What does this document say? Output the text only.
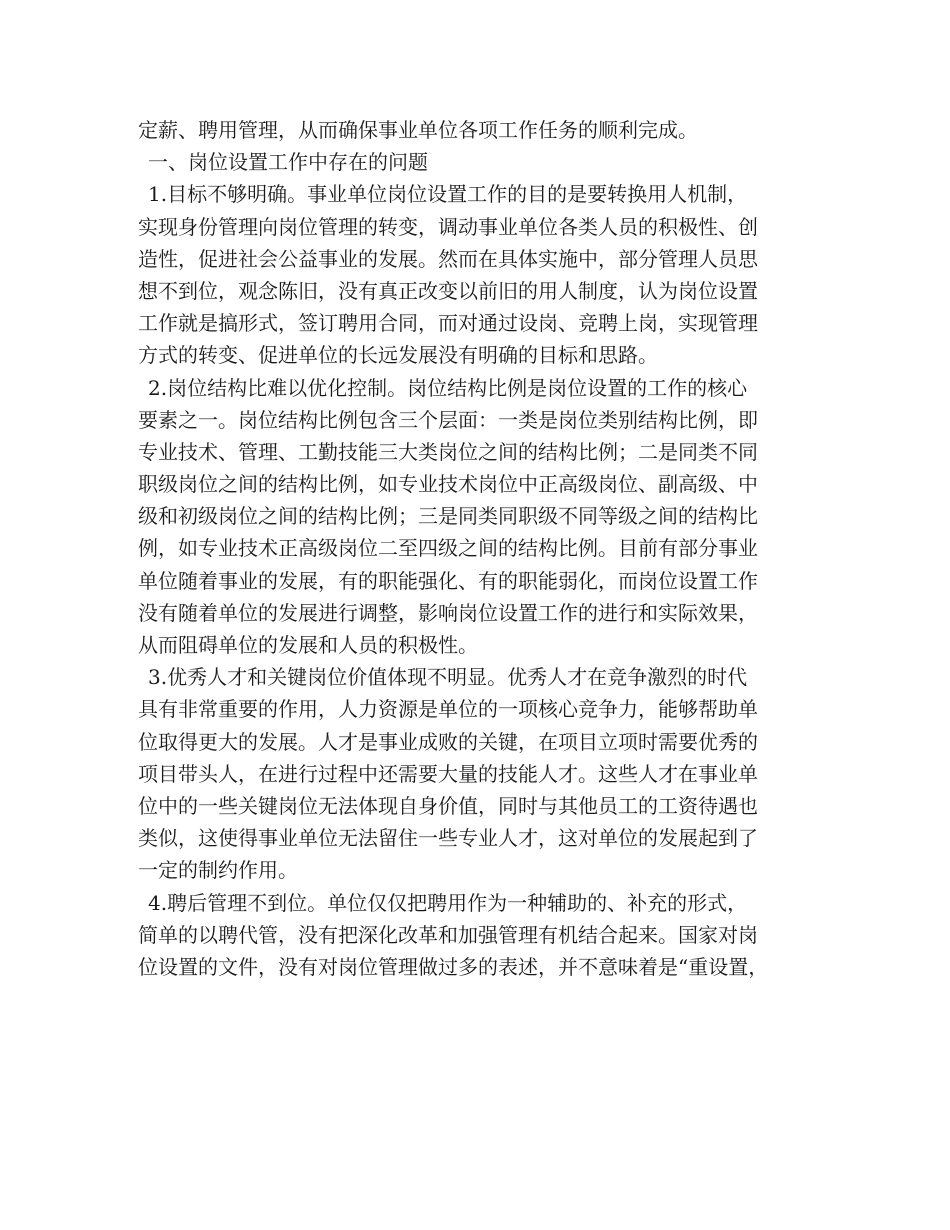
定薪、聘用管理，从而确保事业单位各项工作任务的顺利完成。
一、岗位设置工作中存在的问题
1.目标不够明确。事业单位岗位设置工作的目的是要转换用人机制，
实现身份管理向岗位管理的转变，调动事业单位各类人员的积极性、创
造性，促进社会公益事业的发展。然而在具体实施中，部分管理人员思
想不到位，观念陈旧，没有真正改变以前旧的用人制度，认为岗位设置
工作就是搞形式，签订聘用合同，而对通过设岗、竞聘上岗，实现管理
方式的转变、促进单位的长远发展没有明确的目标和思路。
2.岗位结构比难以优化控制。岗位结构比例是岗位设置的工作的核心
要素之一。岗位结构比例包含三个层面：一类是岗位类别结构比例，即
专业技术、管理、工勤技能三大类岗位之间的结构比例；二是同类不同
职级岗位之间的结构比例，如专业技术岗位中正高级岗位、副高级、中
级和初级岗位之间的结构比例；三是同类同职级不同等级之间的结构比
例，如专业技术正高级岗位二至四级之间的结构比例。目前有部分事业
单位随着事业的发展，有的职能强化、有的职能弱化，而岗位设置工作
没有随着单位的发展进行调整，影响岗位设置工作的进行和实际效果，
从而阻碍单位的发展和人员的积极性。
3.优秀人才和关键岗位价值体现不明显。优秀人才在竞争激烈的时代
具有非常重要的作用，人力资源是单位的一项核心竞争力，能够帮助单
位取得更大的发展。人才是事业成败的关键，在项目立项时需要优秀的
项目带头人，在进行过程中还需要大量的技能人才。这些人才在事业单
位中的一些关键岗位无法体现自身价值，同时与其他员工的工资待遇也
类似，这使得事业单位无法留住一些专业人才，这对单位的发展起到了
一定的制约作用。
4.聘后管理不到位。单位仅仅把聘用作为一种辅助的、补充的形式，
简单的以聘代管，没有把深化改革和加强管理有机结合起来。国家对岗
位设置的文件，没有对岗位管理做过多的表述，并不意味着是“重设置，
